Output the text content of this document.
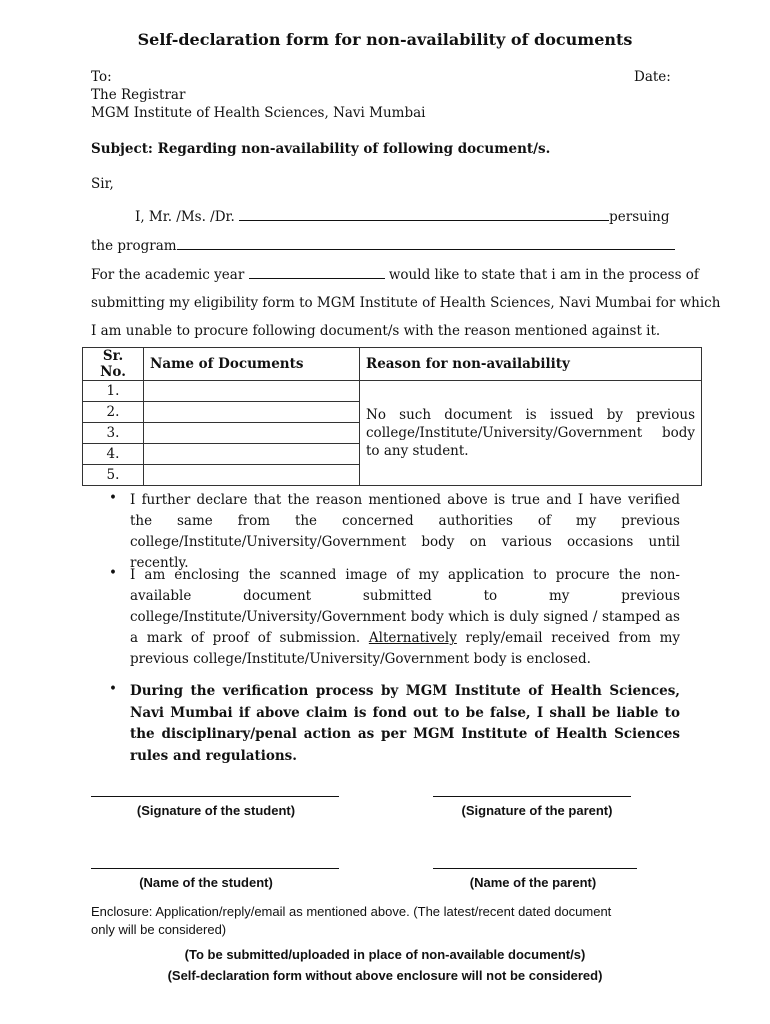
Self-declaration form for non-availability of documents
To:	Date:
The Registrar
MGM Institute of Health Sciences, Navi Mumbai
Subject: Regarding non-availability of following document/s.
Sir,
I, Mr. /Ms. /Dr.	persuing
the program
For the academic year	would like to state that i am in the process of
submitting my eligibility form to MGM Institute of Health Sciences, Navi Mumbai for which
I am unable to procure following document/s with the reason mentioned against it.
Sr. No.	Name of Documents	Reason for non-availability
1.		No such document is issued by previous college/Institute/University/Government body to any student.
2.		
3.		
4.		
5.		
• I further declare that the reason mentioned above is true and I have verified the same from the concerned authorities of my previous college/Institute/University/Government body on various occasions until recently.
• I am enclosing the scanned image of my application to procure the non-available document submitted to my previous college/Institute/University/Government body which is duly signed / stamped as a mark of proof of submission. Alternatively reply/email received from my previous college/Institute/University/Government body is enclosed.
• During the verification process by MGM Institute of Health Sciences, Navi Mumbai if above claim is fond out to be false, I shall be liable to the disciplinary/penal action as per MGM Institute of Health Sciences rules and regulations.
(Signature of the student)	(Signature of the parent)
(Name of the student)	(Name of the parent)
Enclosure: Application/reply/email as mentioned above. (The latest/recent dated document
only will be considered)
(To be submitted/uploaded in place of non-available document/s)
(Self-declaration form without above enclosure will not be considered)
